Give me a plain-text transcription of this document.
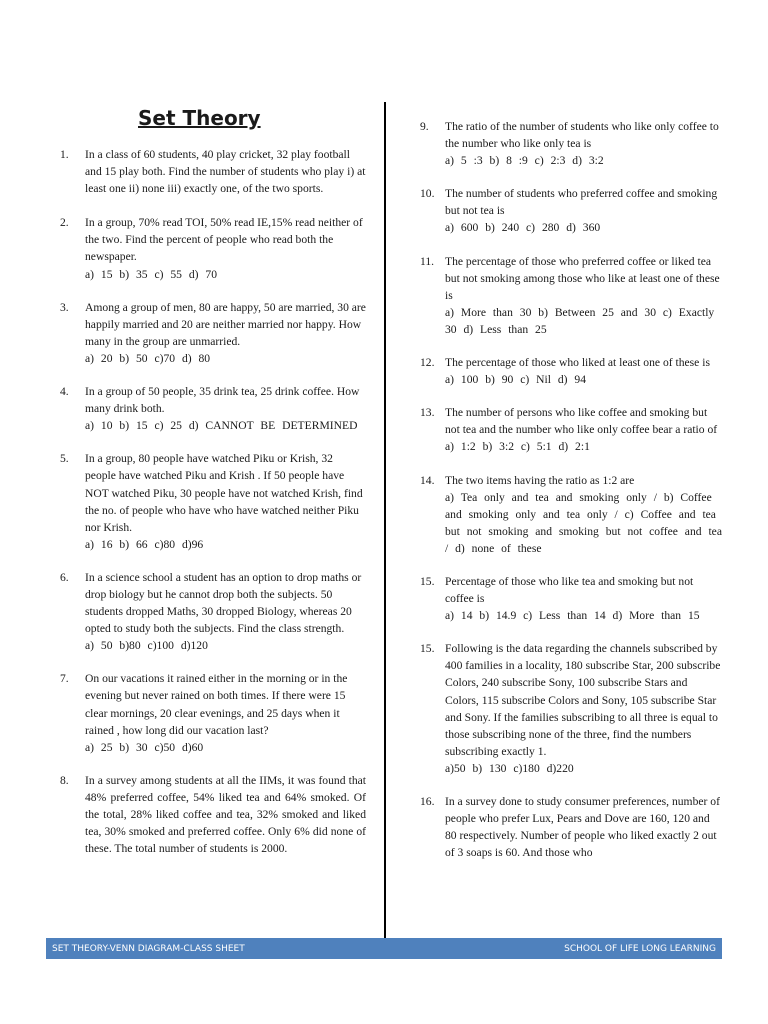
Set Theory
1.	In a class of 60 students, 40 play cricket, 32 play football and 15 play both. Find the number of students who play i) at least one ii) none iii) exactly one, of the two sports.
2.	In a group, 70% read TOI, 50% read IE,15% read neither of the two. Find the percent of people who read both the newspaper.
a) 15 b) 35 c) 55 d) 70
3.	Among a group of men, 80 are happy, 50 are married, 30 are happily married and 20 are neither married nor happy. How many in the group are unmarried.
a) 20 b) 50 c)70 d) 80
4.	In a group of 50 people, 35 drink tea, 25 drink coffee. How many drink both.
a) 10 b) 15 c) 25 d) CANNOT BE DETERMINED
5.	In a group, 80 people have watched Piku or Krish, 32 people have watched Piku and Krish . If 50 people have NOT watched Piku, 30 people have not watched Krish, find the no. of people who have who have watched neither Piku nor Krish.
a) 16 b) 66 c)80 d)96
6.	In a science school a student has an option to drop maths or drop biology but he cannot drop both the subjects. 50 students dropped Maths, 30 dropped Biology, whereas 20 opted to study both the subjects. Find the class strength.
a) 50 b)80 c)100 d)120
7.	On our vacations it rained either in the morning or in the evening but never rained on both times. If there were 15 clear mornings, 20 clear evenings, and 25 days when it rained , how long did our vacation last?
a) 25 b) 30 c)50 d)60
8.	In a survey among students at all the IIMs, it was found that 48% preferred coffee, 54% liked tea and 64% smoked. Of the total, 28% liked coffee and tea, 32% smoked and liked tea, 30% smoked and preferred coffee. Only 6% did none of these. The total number of students is 2000.
9.	The ratio of the number of students who like only coffee to the number who like only tea is
a) 5 :3 b) 8 :9 c) 2:3 d) 3:2
10. The number of students who preferred coffee and smoking but not tea is
a) 600 b) 240 c) 280 d) 360
11. The percentage of those who preferred coffee or liked tea but not smoking among those who like at least one of these is
a) More than 30 b) Between 25 and 30 c) Exactly 30 d) Less than 25
12. The percentage of those who liked at least one of these is
a) 100 b) 90 c) Nil d) 94
13. The number of persons who like coffee and smoking but not tea and the number who like only coffee bear a ratio of
a) 1:2 b) 3:2 c) 5:1 d) 2:1
14. The two items having the ratio as 1:2 are
a) Tea only and tea and smoking only / b) Coffee and smoking only and tea only / c) Coffee and tea but not smoking and smoking but not coffee and tea / d) none of these
15. Percentage of those who like tea and smoking but not coffee is
a) 14 b) 14.9 c) Less than 14 d) More than 15
15. Following is the data regarding the channels subscribed by 400 families in a locality, 180 subscribe Star, 200 subscribe Colors, 240 subscribe Sony, 100 subscribe Stars and Colors, 115 subscribe Colors and Sony, 105 subscribe Star and Sony. If the families subscribing to all three is equal to those subscribing none of the three, find the numbers subscribing exactly 1.
a)50 b) 130 c)180 d)220
16. In a survey done to study consumer preferences, number of people who prefer Lux, Pears and Dove are 160, 120 and 80 respectively. Number of people who liked exactly 2 out of 3 soaps is 60. And those who
SET THEORY-VENN DIAGRAM-CLASS SHEET	SCHOOL OF LIFE LONG LEARNING
